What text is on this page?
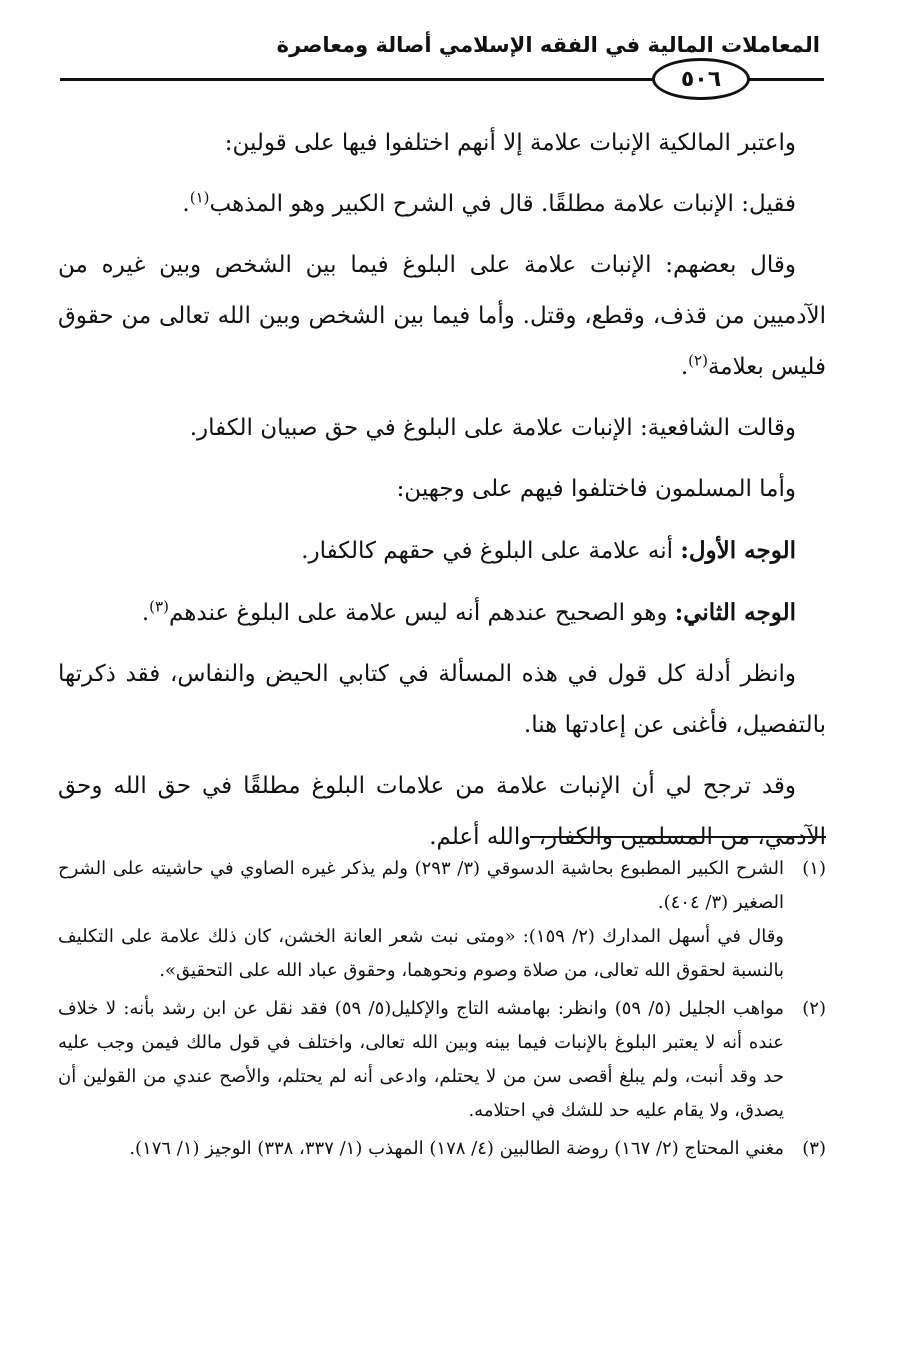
المعاملات المالية في الفقه الإسلامي أصالة ومعاصرة
٥٠٦

واعتبر المالكية الإنبات علامة إلا أنهم اختلفوا فيها على قولين:

فقيل: الإنبات علامة مطلقًا. قال في الشرح الكبير وهو المذهب$^{(١)}$.

وقال بعضهم: الإنبات علامة على البلوغ فيما بين الشخص وبين غيره من الآدميين من قذف، وقطع، وقتل. وأما فيما بين الشخص وبين الله تعالى من حقوق فليس بعلامة$^{(٢)}$.

وقالت الشافعية: الإنبات علامة على البلوغ في حق صبيان الكفار.

وأما المسلمون فاختلفوا فيهم على وجهين:

الوجه الأول: أنه علامة على البلوغ في حقهم كالكفار.

الوجه الثاني: وهو الصحيح عندهم أنه ليس علامة على البلوغ عندهم$^{(٣)}$.

وانظر أدلة كل قول في هذه المسألة في كتابي الحيض والنفاس، فقد ذكرتها بالتفصيل، فأغنى عن إعادتها هنا.

وقد ترجح لي أن الإنبات علامة من علامات البلوغ مطلقًا في حق الله وحق الآدمي، من المسلمين والكفار، والله أعلم.

(١)

الشرح الكبير المطبوع بحاشية الدسوقي (٣/ ٢٩٣) ولم يذكر غيره الصاوي في حاشيته على الشرح الصغير (٣/ ٤٠٤).

وقال في أسهل المدارك (٢/ ١٥٩): «ومتى نبت شعر العانة الخشن، كان ذلك علامة على التكليف بالنسبة لحقوق الله تعالى، من صلاة وصوم ونحوهما، وحقوق عباد الله على التحقيق».

(٢)

مواهب الجليل (٥/ ٥٩) وانظر: بهامشه التاج والإكليل(٥/ ٥٩) فقد نقل عن ابن رشد بأنه: لا خلاف عنده أنه لا يعتبر البلوغ بالإنبات فيما بينه وبين الله تعالى، واختلف في قول مالك فيمن وجب عليه حد وقد أنبت، ولم يبلغ أقصى سن من لا يحتلم، وادعى أنه لم يحتلم، والأصح عندي من القولين أن يصدق، ولا يقام عليه حد للشك في احتلامه.

(٣)

مغني المحتاج (٢/ ١٦٧) روضة الطالبين (٤/ ١٧٨) المهذب (١/ ٣٣٧، ٣٣٨) الوجيز (١/ ١٧٦).
